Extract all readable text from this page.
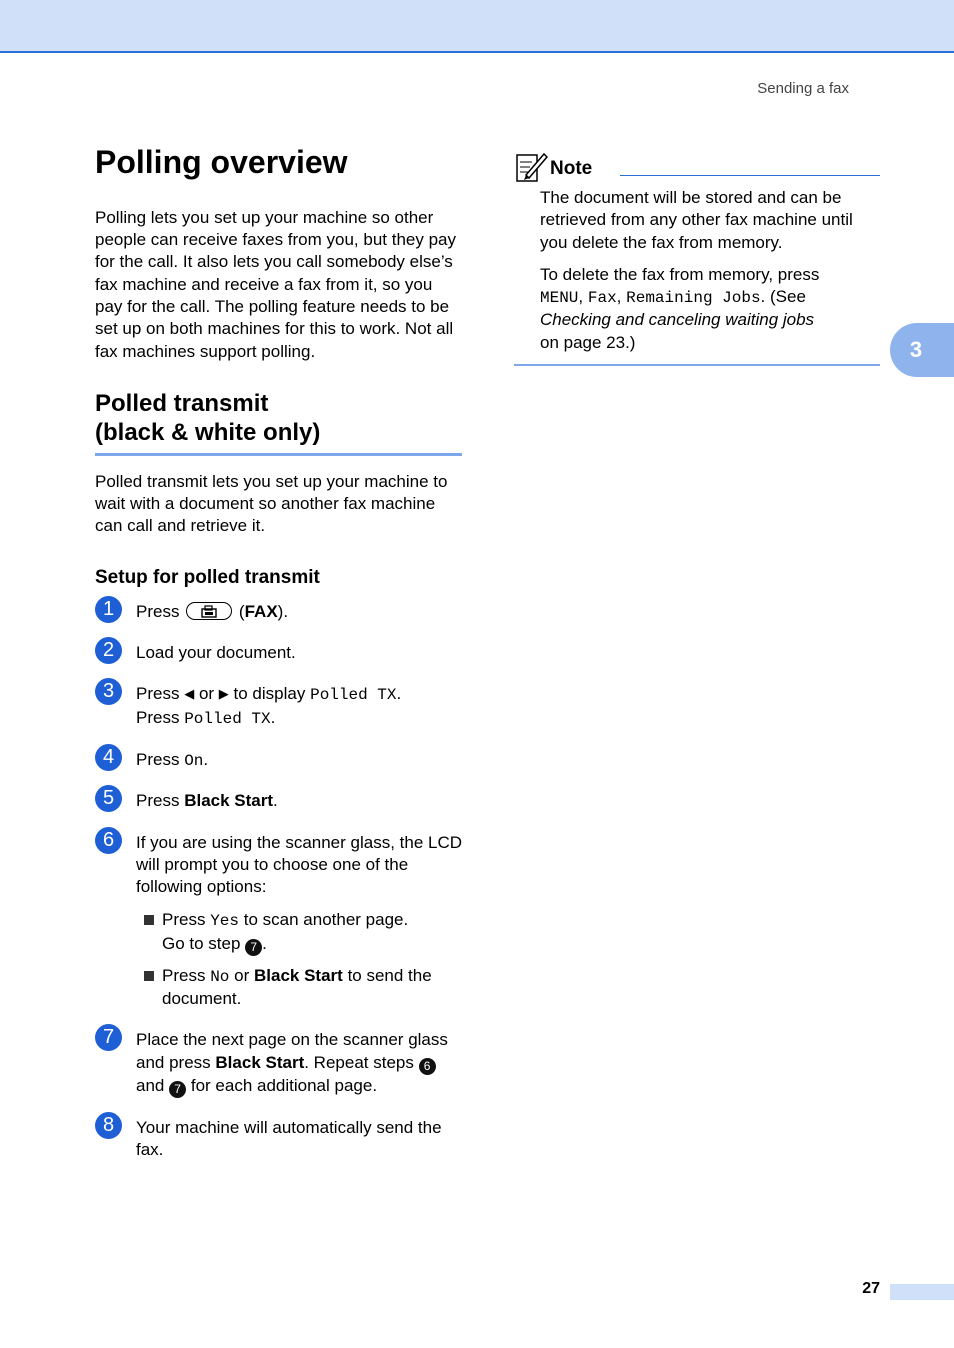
Sending a fax
3
Polling overview

Polling lets you set up your machine so other people can receive faxes from you, but they pay for the call. It also lets you call somebody else’s fax machine and receive a fax from it, so you pay for the call. The polling feature needs to be set up on both machines for this to work. Not all fax machines support polling.

Polled transmit
(black & white only)

Polled transmit lets you set up your machine to wait with a document so another fax machine can call and retrieve it.

Setup for polled transmit
1	Press	(FAX).
2	Load your document.
3	Press ◀ or ▶ to display Polled TX.
Press Polled TX.
4	Press On.
5	Press Black Start.
6	If you are using the scanner glass, the LCD will prompt you to choose one of the following options:
Press Yes to scan another page.
Go to step 7 .
Press No or Black Start to send the document.
7	Place the next page on the scanner glass and press Black Start. Repeat steps 6 and 7 for each additional page.
8	Your machine will automatically send the fax.
Note

The document will be stored and can be retrieved from any other fax machine until you delete the fax from memory.

To delete the fax from memory, press
MENU, Fax, Remaining Jobs. (See
Checking and canceling waiting jobs
on page 23.)

27
